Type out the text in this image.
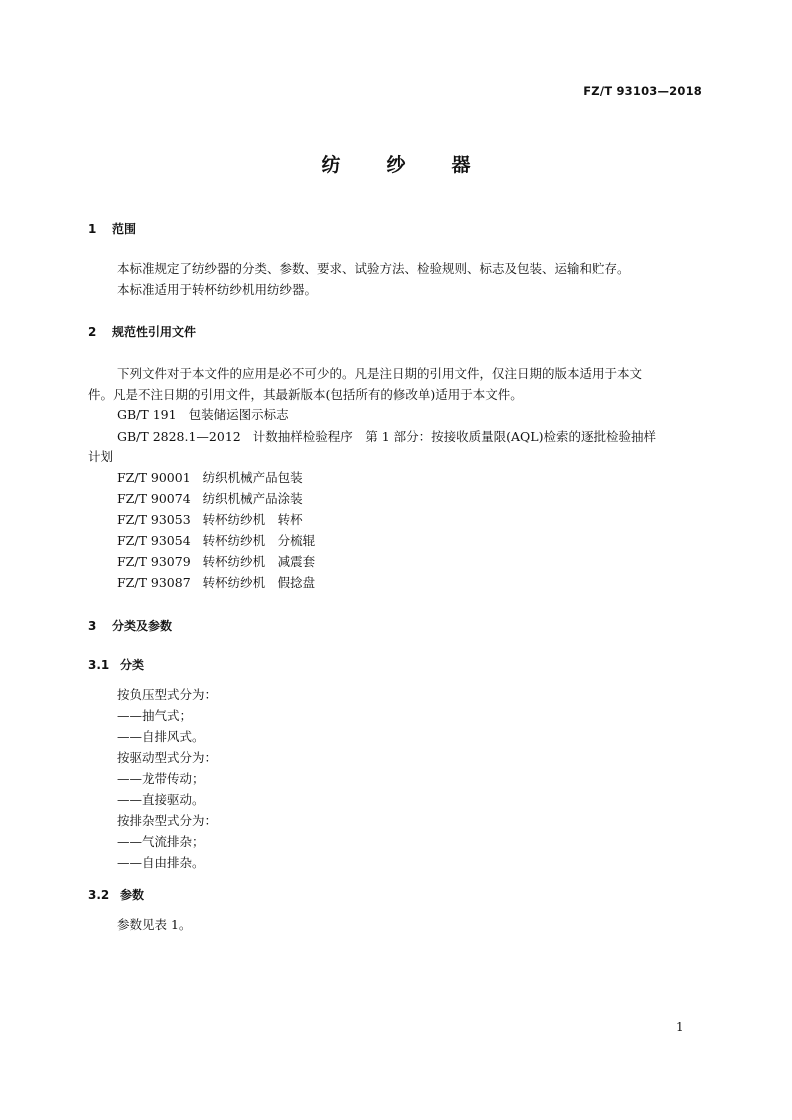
FZ/T 93103—2018
纺 纱 器
1 范围
本标准规定了纺纱器的分类、参数、要求、试验方法、检验规则、标志及包装、运输和贮存。
本标准适用于转杯纺纱机用纺纱器。
2 规范性引用文件
下列文件对于本文件的应用是必不可少的。凡是注日期的引用文件，仅注日期的版本适用于本文
件。凡是不注日期的引用文件，其最新版本(包括所有的修改单)适用于本文件。
GB/T 191 包装储运图示标志
GB/T 2828.1—2012 计数抽样检验程序　第 1 部分：按接收质量限(AQL)检索的逐批检验抽样
计划
FZ/T 90001 纺织机械产品包装
FZ/T 90074 纺织机械产品涂装
FZ/T 93053 转杯纺纱机　转杯
FZ/T 93054 转杯纺纱机　分梳辊
FZ/T 93079 转杯纺纱机　减震套
FZ/T 93087 转杯纺纱机　假捻盘
3 分类及参数
3.1 分类
按负压型式分为：
——抽气式；
——自排风式。
按驱动型式分为：
——龙带传动；
——直接驱动。
按排杂型式分为：
——气流排杂；
——自由排杂。
3.2 参数
参数见表 1。
1
